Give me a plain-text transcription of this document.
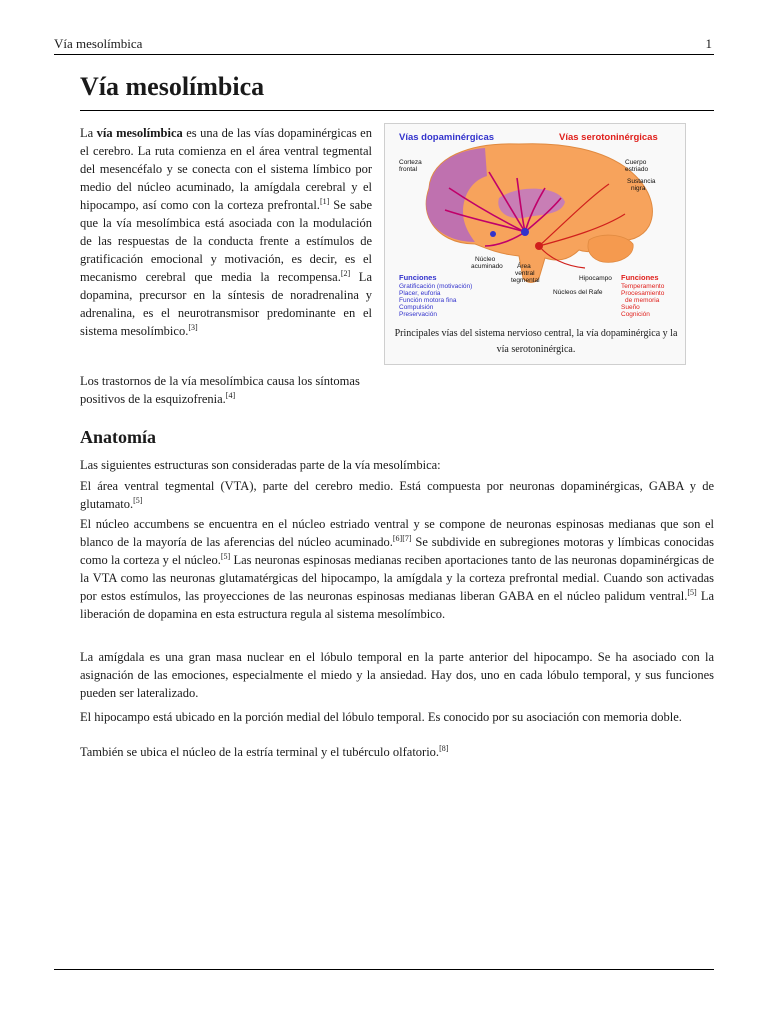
Vía mesolímbica	1
Vía mesolímbica

La vía mesolímbica es una de las vías dopaminérgicas en el cerebro. La ruta comienza en el área ventral tegmental del mesencéfalo y se conecta con el sistema límbico por medio del núcleo acuminado, la amígdala cerebral y el hipocampo, así como con la corteza prefrontal.[1] Se sabe que la vía mesolímbica está asociada con la modulación de las respuestas de la conducta frente a estímulos de gratificación emocional y motivación, es decir, es el mecanismo cerebral que media la recompensa.[2] La dopamina, precursor en la síntesis de noradrenalina y adrenalina, es el neurotransmisor predominante en el sistema mesolímbico.[3]

Los trastornos de la vía mesolímbica causa los síntomas positivos de la esquizofrenia.[4]

Vías dopaminérgicas	Vías serotoninérgicas
Corteza
frontal
Cuerpo
estriado
Sustancia
nigra
Núcleo
acuminado Área
ventral
tegmental	Hipocampo
Núcleos del Rafe
Funciones
Gratificación (motivación)
Placer, euforia
Función motora fina
Compulsión
Preservación
Funciones
Temperamento
Procesamiento
de memoria
Sueño
Cognición
Principales vías del sistema nervioso central, la vía dopaminérgica y la vía serotoninérgica.
Anatomía

Las siguientes estructuras son consideradas parte de la vía mesolímbica:

El área ventral tegmental (VTA), parte del cerebro medio. Está compuesta por neuronas dopaminérgicas, GABA y de glutamato.[5]

El núcleo accumbens se encuentra en el núcleo estriado ventral y se compone de neuronas espinosas medianas que son el blanco de la mayoría de las aferencias del núcleo acuminado.[6][7] Se subdivide en subregiones motoras y límbicas conocidas como la corteza y el núcleo.[5] Las neuronas espinosas medianas reciben aportaciones tanto de las neuronas dopaminérgicas de la VTA como las neuronas glutamatérgicas del hipocampo, la amígdala y la corteza prefrontal medial. Cuando son activadas por estos estímulos, las proyecciones de las neuronas espinosas medianas liberan GABA en el núcleo palidum ventral.[5] La liberación de dopamina en esta estructura regula al sistema mesolímbico.

La amígdala es una gran masa nuclear en el lóbulo temporal en la parte anterior del hipocampo. Se ha asociado con la asignación de las emociones, especialmente el miedo y la ansiedad. Hay dos, uno en cada lóbulo temporal, y sus funciones pueden ser lateralizado.

El hipocampo está ubicado en la porción medial del lóbulo temporal. Es conocido por su asociación con memoria doble.

También se ubica el núcleo de la estría terminal y el tubérculo olfatorio.[8]
